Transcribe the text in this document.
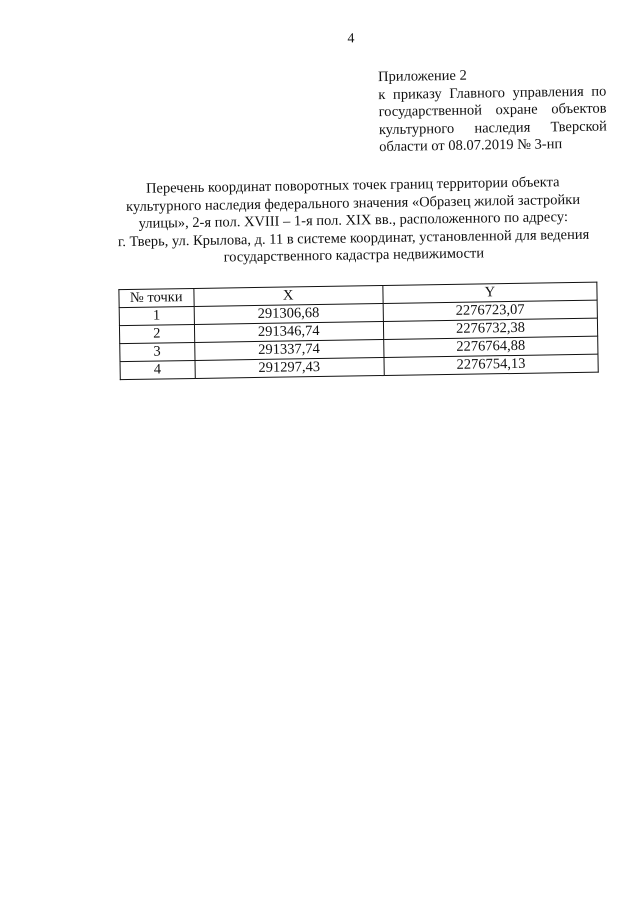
4
Приложение 2
к приказу Главного управления по
государственной охране объектов
культурного наследия Тверской
области от 08.07.2019 № 3-нп
Перечень координат поворотных точек границ территории объекта
культурного наследия федерального значения «Образец жилой застройки
улицы», 2-я пол. XVIII – 1-я пол. XIX вв., расположенного по адресу:
г. Тверь, ул. Крылова, д. 11 в системе координат, установленной для ведения
государственного кадастра недвижимости
№ точки	X	Y
1	291306,68	2276723,07
2	291346,74	2276732,38
3	291337,74	2276764,88
4	291297,43	2276754,13
